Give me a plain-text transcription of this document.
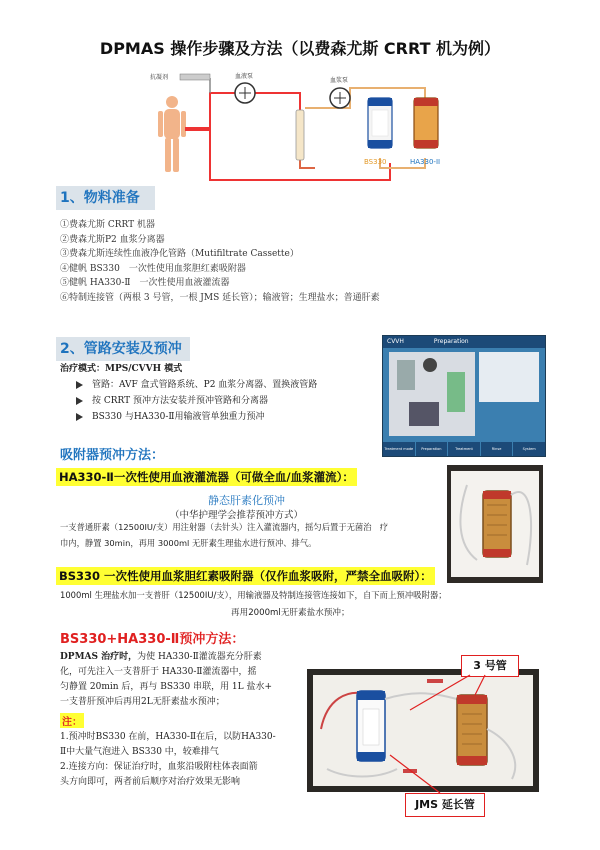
DPMAS 操作步骤及方法（以费森尤斯 CRRT 机为例）
抗凝剂	血液泵
血浆泵
BS330	HA330-II
1、物料准备
①费森尤斯 CRRT 机器
②费森尤斯P2 血浆分离器
③费森尤斯连续性血液净化管路（Mutifiltrate Cassette）
④健帆 BS330　一次性使用血浆胆红素吸附器
⑤健帆 HA330-Ⅱ　一次性使用血液灌流器
⑥特制连接管（两根 3 号管，一根 JMS 延长管）；输液管；生理盐水；普通肝素
2、管路安装及预冲
治疗模式：MPS/CVVH 模式
管路：AVF 盒式管路系统、P2 血浆分离器、置换液管路
按 CRRT 预冲方法安装并预冲管路和分离器
BS330 与HA330-Ⅱ用输液管单独重力预冲
CVVH	Preparation
Treatment mode	Preparation	Treatment	Rinse	System parameters
吸附器预冲方法：
HA330-Ⅱ一次性使用血液灌流器（可做全血/血浆灌流）：
静态肝素化预冲
（中华护理学会推荐预冲方式）
一支普通肝素（12500IU/支）用注射器（去针头）注入灌流器内，摇匀后置于无菌治　疗
巾内，静置 30min，再用 3000ml 无肝素生理盐水进行预冲、排气。
BS330 一次性使用血浆胆红素吸附器（仅作血浆吸附，严禁全血吸附）：
1000ml 生理盐水加一支普肝（12500IU/支），用输液器及特制连接管连接如下，自下而上预冲吸附器；
再用2000ml无肝素盐水预冲；
BS330+HA330-Ⅱ预冲方法：
DPMAS 治疗时，为使 HA330-Ⅱ灌流器充分肝素
化，可先注入一支普肝于 HA330-Ⅱ灌流器中，摇
匀静置 20min 后，再与 BS330 串联，用 1L 盐水+
一支普肝预冲后再用2L无肝素盐水预冲；
注：
1.预冲时BS330 在前，HA330-Ⅱ在后，以防HA330-
Ⅱ中大量气泡进入 BS330 中，较难排气
2.连接方向：保证治疗时，血浆沿吸附柱体表面箭
头方向即可，两者前后顺序对治疗效果无影响
3 号管
JMS 延长管
